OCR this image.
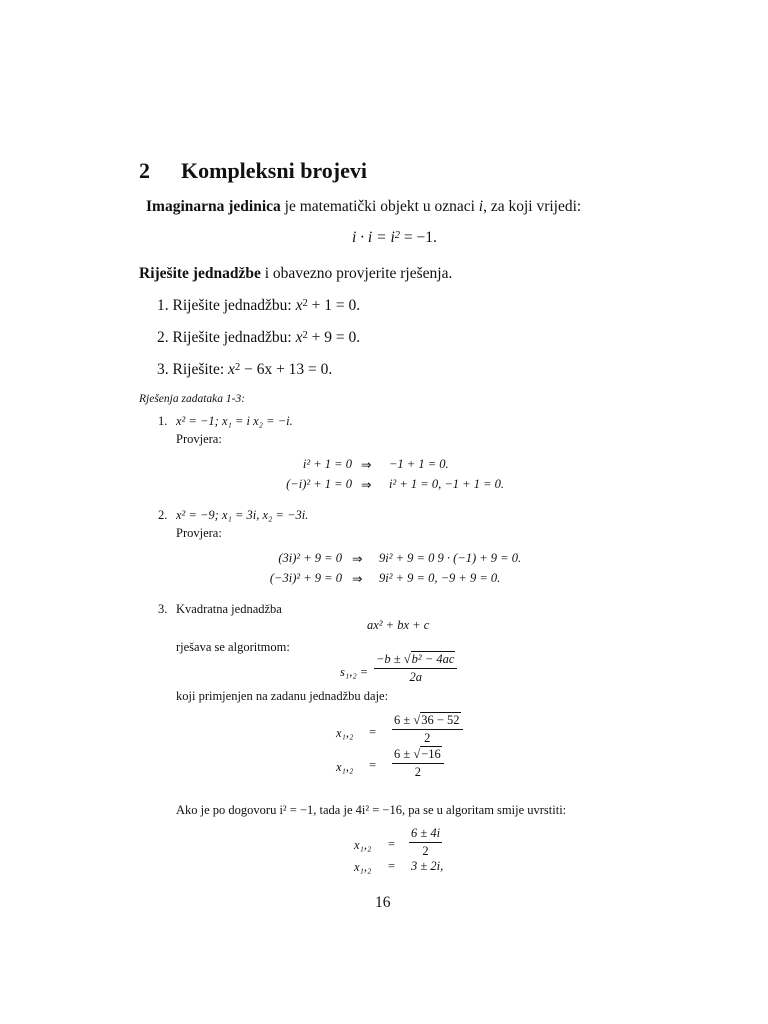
2 Kompleksni brojevi
Imaginarna jedinica je matematički objekt u oznaci i, za koji vrijedi:
$i \cdot i = i^2 = -1$.
Riješite jednadžbe i obavezno provjerite rješenja.
1. Riješite jednadžbu: $x^2 + 1 = 0$.
2. Riješite jednadžbu: $x^2 + 9 = 0$.
3. Riješite: $x^2 - 6x + 13 = 0$.
Rješenja zadataka 1-3:
1. x² = −1; x₁ = i x₂ = −i.
Provjera:
i² + 1 = 0 ⇒ −1 + 1 = 0.
(−i)² + 1 = 0 ⇒ i² + 1 = 0, −1 + 1 = 0.
2. x² = −9; x₁ = 3i, x₂ = −3i.
Provjera:
(3i)² + 9 = 0 ⇒ 9i² + 9 = 0 9 · (−1) + 9 = 0.
(−3i)² + 9 = 0 ⇒ 9i² + 9 = 0, −9 + 9 = 0.
3. Kvadratna jednadžba
ax² + bx + c
rješava se algoritmom:
$s_1,_2 = \frac{\text{−b ± √b² − 4ac}}{2a}$
koji primjenjen na zadanu jednadžbu daje:
$x_1,_2 = \frac{6 \pm √36 - 52}{2}$
$x_1,_2 = \frac{6 \pm √-16}{2}$
Ako je po dogovoru i² = −1, tada je 4i² = −16, pa se u algoritam smije uvrstiti:
$x_1,_2 = \frac{6 \pm 4i}{2}$
x₁,₂ = 3 ± 2i,
16
